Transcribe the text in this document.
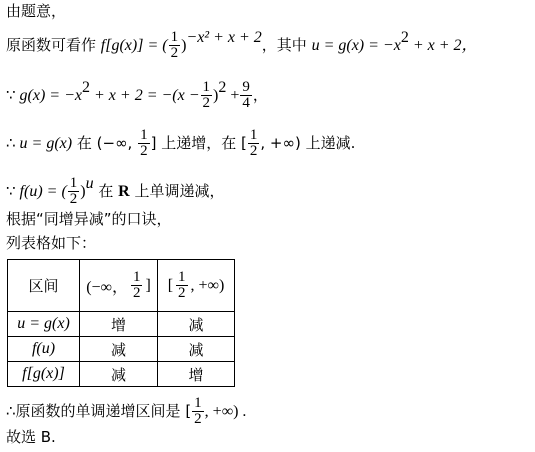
由题意，
原函数可看作 f[g(x)] = ( $\frac{1}{2} )^{-x^2 + x + 2}$，其中 $u = g(x) = -x^2 + x + 2$，
∵ $g(x) = -x^2 + x + 2 = -(x - \frac{1}{2} )^2 + \frac{9}{4}$ ，
∴ u = g(x) 在 (−∞, $\frac{1}{2}$ ] 上递增，在 [ $\frac{1}{2}$ , +∞) 上递减.
∵ f(u) = ( $\frac{1}{2} )^u$ 在 R 上单调递减，
根据“同增异减”的口诀，
列表格如下：
区间	(−∞， $\frac{1}{2}$ ]	[ $\frac{1}{2}$ , +∞)

u = g(x)	增	减
f(u)	减	减
f[g(x)]	减	增
∴原函数的单调递增区间是 [ $\frac{1}{2}$ , +∞) .
故选 B.
